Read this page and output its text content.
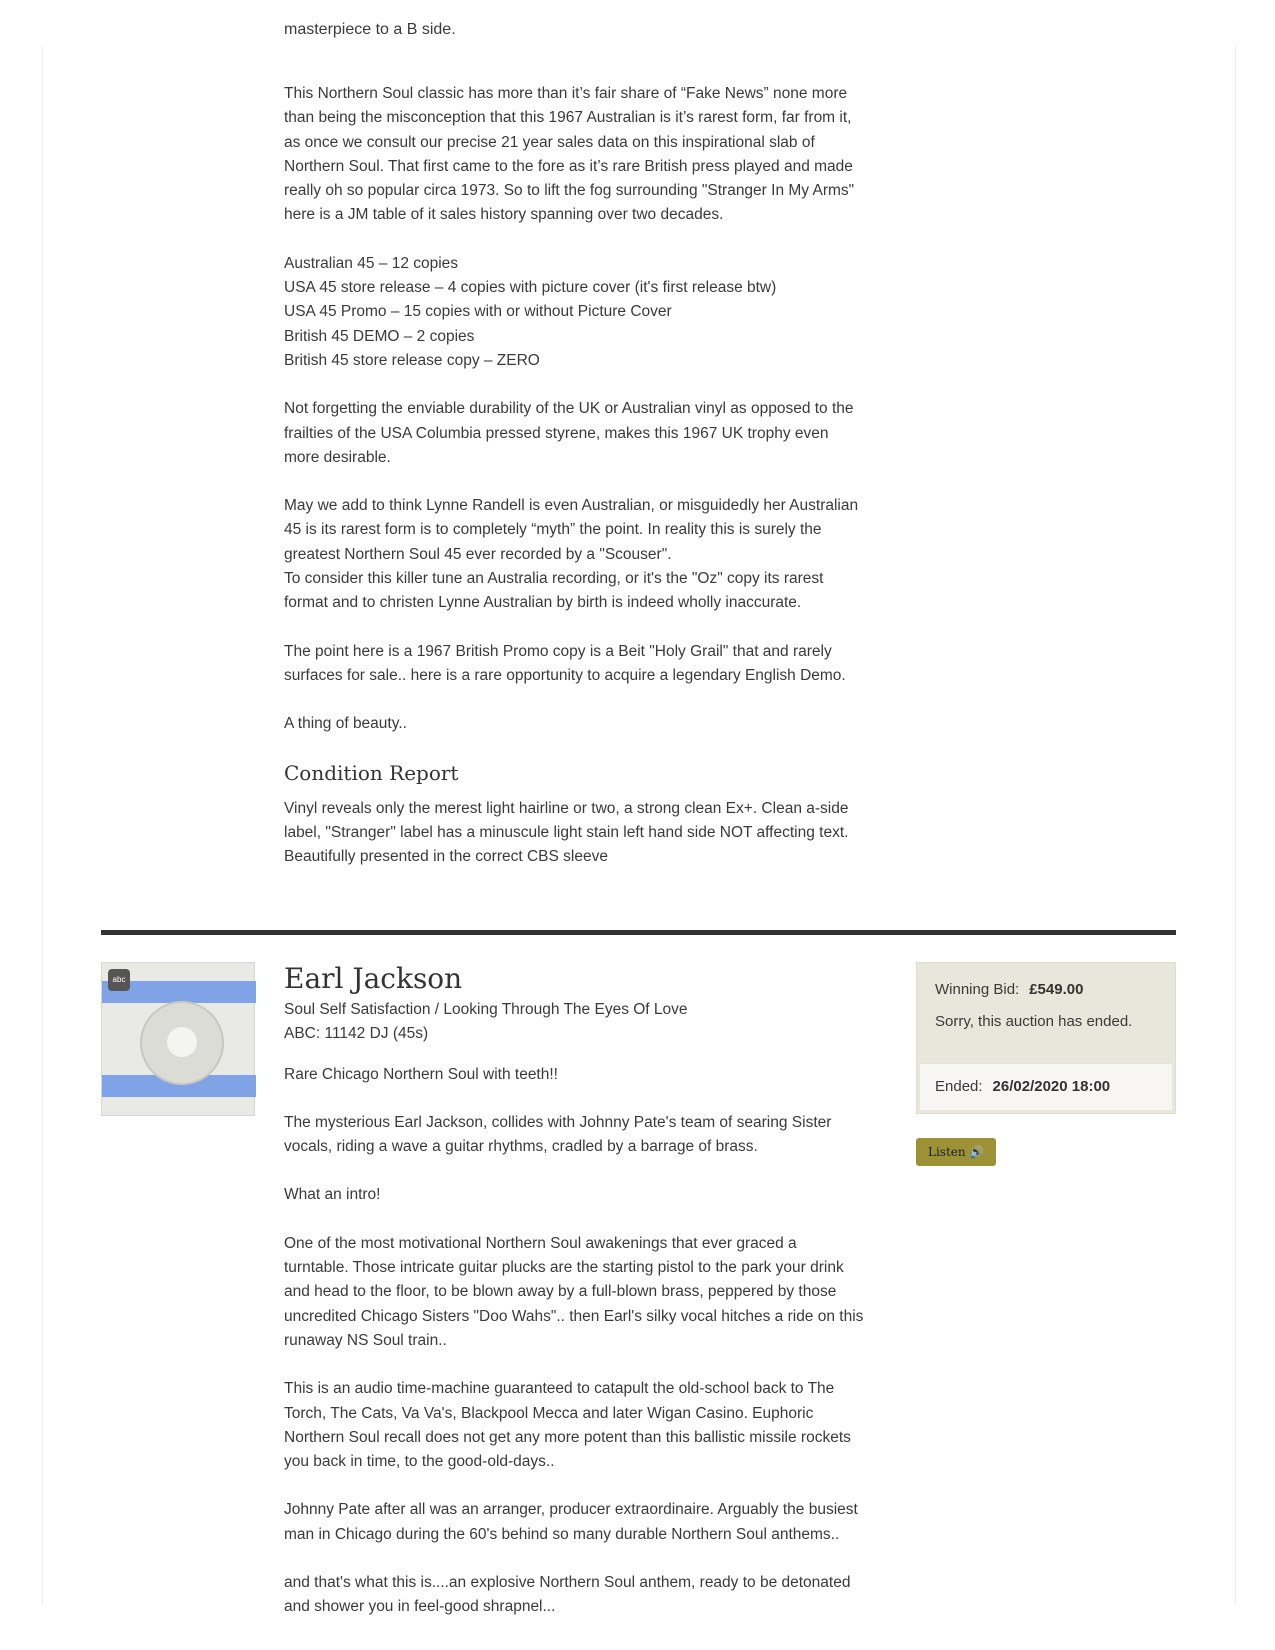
masterpiece to a B side.

This Northern Soul classic has more than it’s fair share of “Fake News” none more
than being the misconception that this 1967 Australian is it’s rarest form, far from it,
as once we consult our precise 21 year sales data on this inspirational slab of
Northern Soul. That first came to the fore as it’s rare British press played and made
really oh so popular circa 1973. So to lift the fog surrounding "Stranger In My Arms"
here is a JM table of it sales history spanning over two decades.

Australian 45 – 12 copies
USA 45 store release – 4 copies with picture cover (it's first release btw)
USA 45 Promo – 15 copies with or without Picture Cover
British 45 DEMO – 2 copies
British 45 store release copy – ZERO

Not forgetting the enviable durability of the UK or Australian vinyl as opposed to the
frailties of the USA Columbia pressed styrene, makes this 1967 UK trophy even
more desirable.

May we add to think Lynne Randell is even Australian, or misguidedly her Australian
45 is its rarest form is to completely “myth” the point. In reality this is surely the
greatest Northern Soul 45 ever recorded by a "Scouser".
To consider this killer tune an Australia recording, or it's the "Oz" copy its rarest
format and to christen Lynne Australian by birth is indeed wholly inaccurate.

The point here is a 1967 British Promo copy is a Beit "Holy Grail" that and rarely
surfaces for sale.. here is a rare opportunity to acquire a legendary English Demo.

A thing of beauty..

Condition Report

Vinyl reveals only the merest light hairline or two, a strong clean Ex+. Clean a-side
label, "Stranger" label has a minuscule light stain left hand side NOT affecting text.
Beautifully presented in the correct CBS sleeve

abc	Earl Jackson

Soul Self Satisfaction / Looking Through The Eyes Of Love

ABC: 11142 DJ (45s)

Rare Chicago Northern Soul with teeth!!

The mysterious Earl Jackson, collides with Johnny Pate's team of searing Sister
vocals, riding a wave a guitar rhythms, cradled by a barrage of brass.

What an intro!

One of the most motivational Northern Soul awakenings that ever graced a
turntable. Those intricate guitar plucks are the starting pistol to the park your drink
and head to the floor, to be blown away by a full-blown brass, peppered by those
uncredited Chicago Sisters "Doo Wahs".. then Earl's silky vocal hitches a ride on this
runaway NS Soul train..

This is an audio time-machine guaranteed to catapult the old-school back to The
Torch, The Cats, Va Va's, Blackpool Mecca and later Wigan Casino. Euphoric
Northern Soul recall does not get any more potent than this ballistic missile rockets
you back in time, to the good-old-days..

Johnny Pate after all was an arranger, producer extraordinaire. Arguably the busiest
man in Chicago during the 60's behind so many durable Northern Soul anthems..

and that's what this is....an explosive Northern Soul anthem, ready to be detonated
and shower you in feel-good shrapnel...

Winning Bid: £549.00

Sorry, this auction has ended.

Ended: 26/02/2020 18:00
Listen 🔊
